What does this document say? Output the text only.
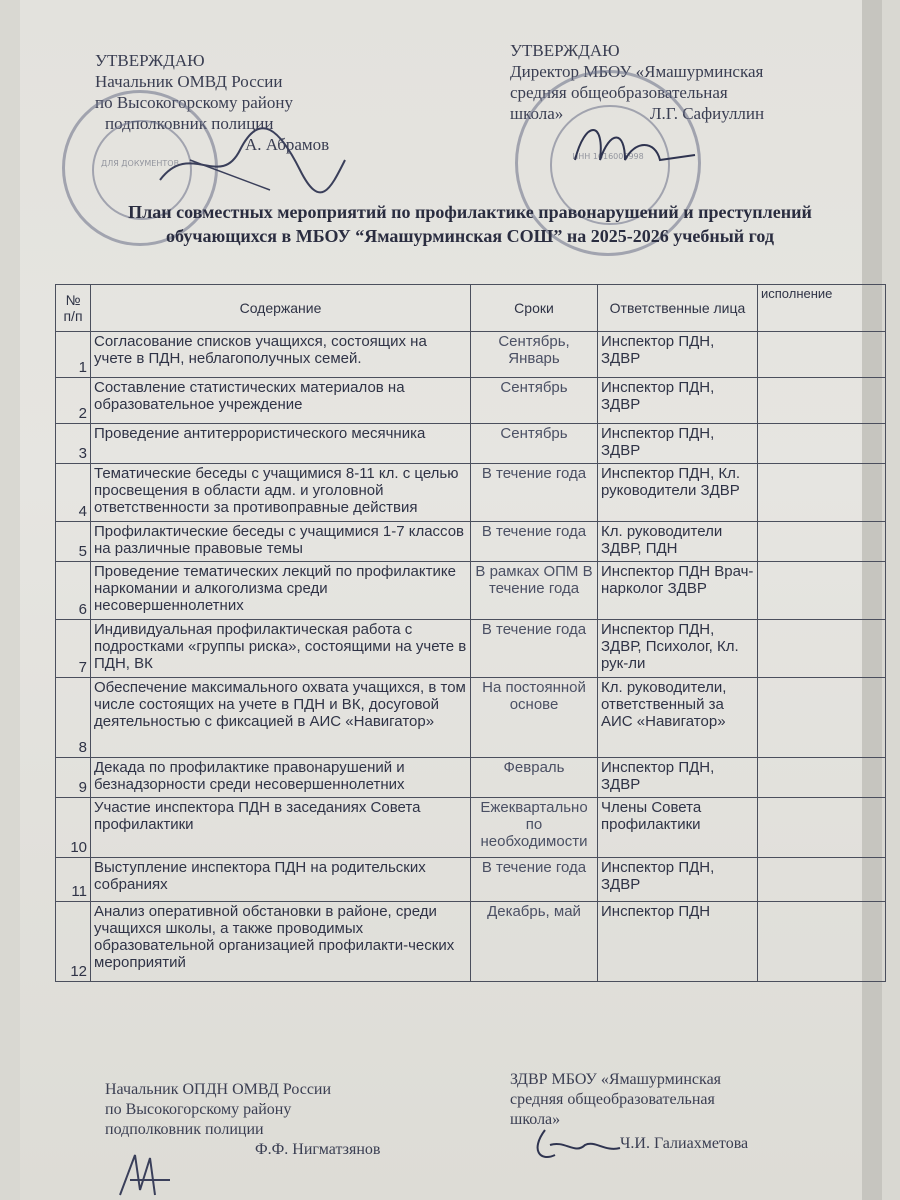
УТВЕРЖДАЮ
Начальник ОМВД России
по Высокогорскому району
подполковник полиции
А. Абрамов
ДЛЯ ДОКУМЕНТОВ
УТВЕРЖДАЮ
Директор МБОУ «Ямашурминская
средняя общеобразовательная
школа»	Л.Г. Сафиуллин
ИНН 1616006998
План совместных мероприятий по профилактике правонарушений и преступлений
обучающихся в МБОУ “Ямашурминская СОШ” на 2025-2026 учебный год
№ п/п	Содержание	Сроки	Ответственные лица	исполнение
1	Согласование списков учащихся, состоящих на учете в ПДН, неблагополучных семей.	Сентябрь, Январь	Инспектор ПДН, ЗДВР	
2	Составление статистических материалов на образовательное учреждение	Сентябрь	Инспектор ПДН, ЗДВР	
3	Проведение антитеррористического месячника	Сентябрь	Инспектор ПДН, ЗДВР	
4	Тематические беседы с учащимися 8-11 кл. с целью просвещения в области адм. и уголовной ответственности за противоправные действия	В течение года	Инспектор ПДН, Кл. руководители ЗДВР	
5	Профилактические беседы с учащимися 1-7 классов на различные правовые темы	В течение года	Кл. руководители ЗДВР, ПДН	
6	Проведение тематических лекций по профилактике наркомании и алкоголизма среди несовершеннолетних	В рамках ОПМ В течение года	Инспектор ПДН Врач-нарколог ЗДВР	
7	Индивидуальная профилактическая работа с подростками «группы риска», состоящими на учете в ПДН, ВК	В течение года	Инспектор ПДН, ЗДВР, Психолог, Кл. рук-ли	
8	Обеспечение максимального охвата учащихся, в том числе состоящих на учете в ПДН и ВК, досуговой деятельностью с фиксацией в АИС «Навигатор»	На постоянной основе	Кл. руководители, ответственный за АИС «Навигатор»	
9	Декада по профилактике правонарушений и безнадзорности среди несовершеннолетних	Февраль	Инспектор ПДН, ЗДВР	
10	Участие инспектора ПДН в заседаниях Совета профилактики	Ежеквартально по необходимости	Члены Совета профилактики	
11	Выступление инспектора ПДН на родительских собраниях	В течение года	Инспектор ПДН, ЗДВР	
12	Анализ оперативной обстановки в районе, среди учащихся школы, а также проводимых образовательной организацией профилакти-ческих мероприятий	Декабрь, май	Инспектор ПДН	
Начальник ОПДН ОМВД России
по Высокогорскому району
подполковник полиции
Ф.Ф. Нигматзянов
ЗДВР МБОУ «Ямашурминская
средняя общеобразовательная
школа»
Ч.И. Галиахметова
